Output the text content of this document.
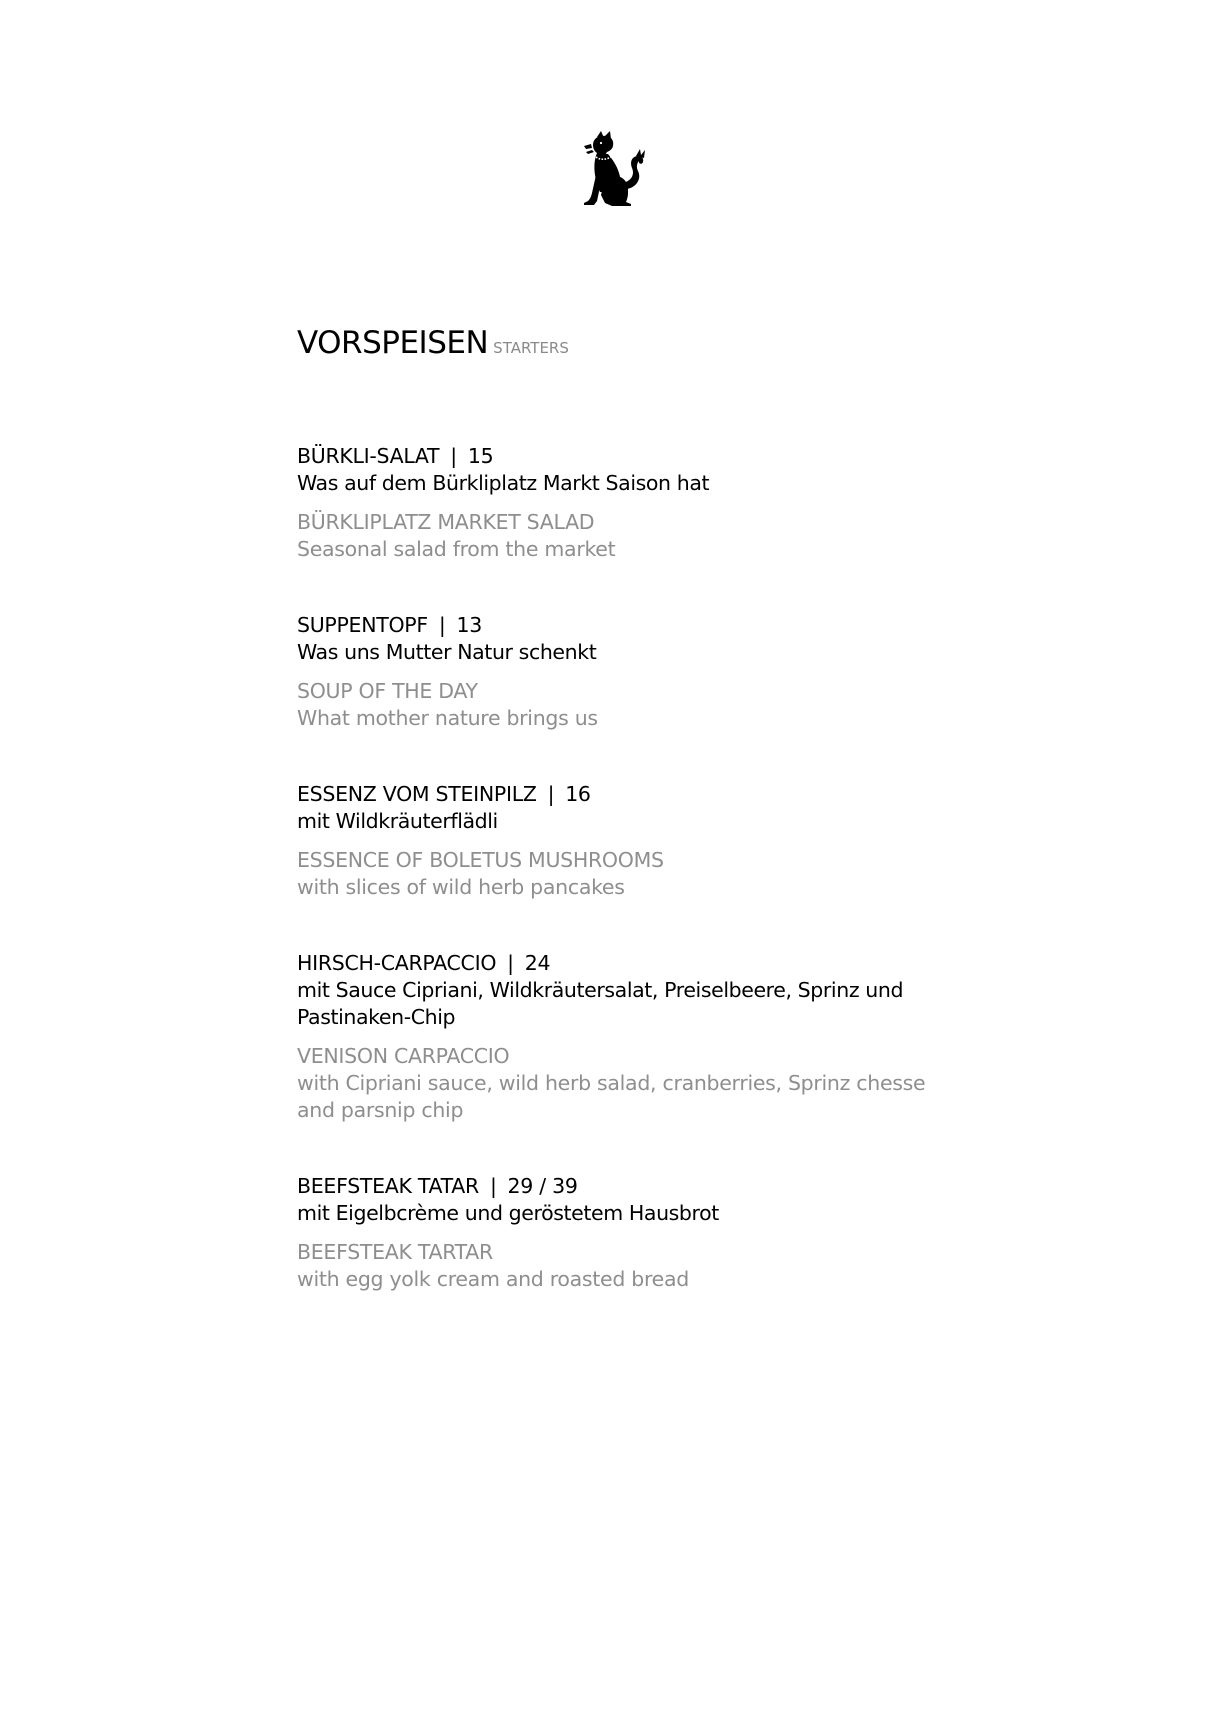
VORSPEISEN STARTERS
BÜRKLI-SALAT | 15
Was auf dem Bürkliplatz Markt Saison hat
BÜRKLIPLATZ MARKET SALAD
Seasonal salad from the market
SUPPENTOPF | 13
Was uns Mutter Natur schenkt
SOUP OF THE DAY
What mother nature brings us
ESSENZ VOM STEINPILZ | 16
mit Wildkräuterflädli
ESSENCE OF BOLETUS MUSHROOMS
with slices of wild herb pancakes
HIRSCH-CARPACCIO | 24
mit Sauce Cipriani, Wildkräutersalat, Preiselbeere, Sprinz und Pastinaken-Chip
VENISON CARPACCIO
with Cipriani sauce, wild herb salad, cranberries, Sprinz chesse and parsnip chip
BEEFSTEAK TATAR | 29 / 39
mit Eigelbcrème und geröstetem Hausbrot
BEEFSTEAK TARTAR
with egg yolk cream and roasted bread
